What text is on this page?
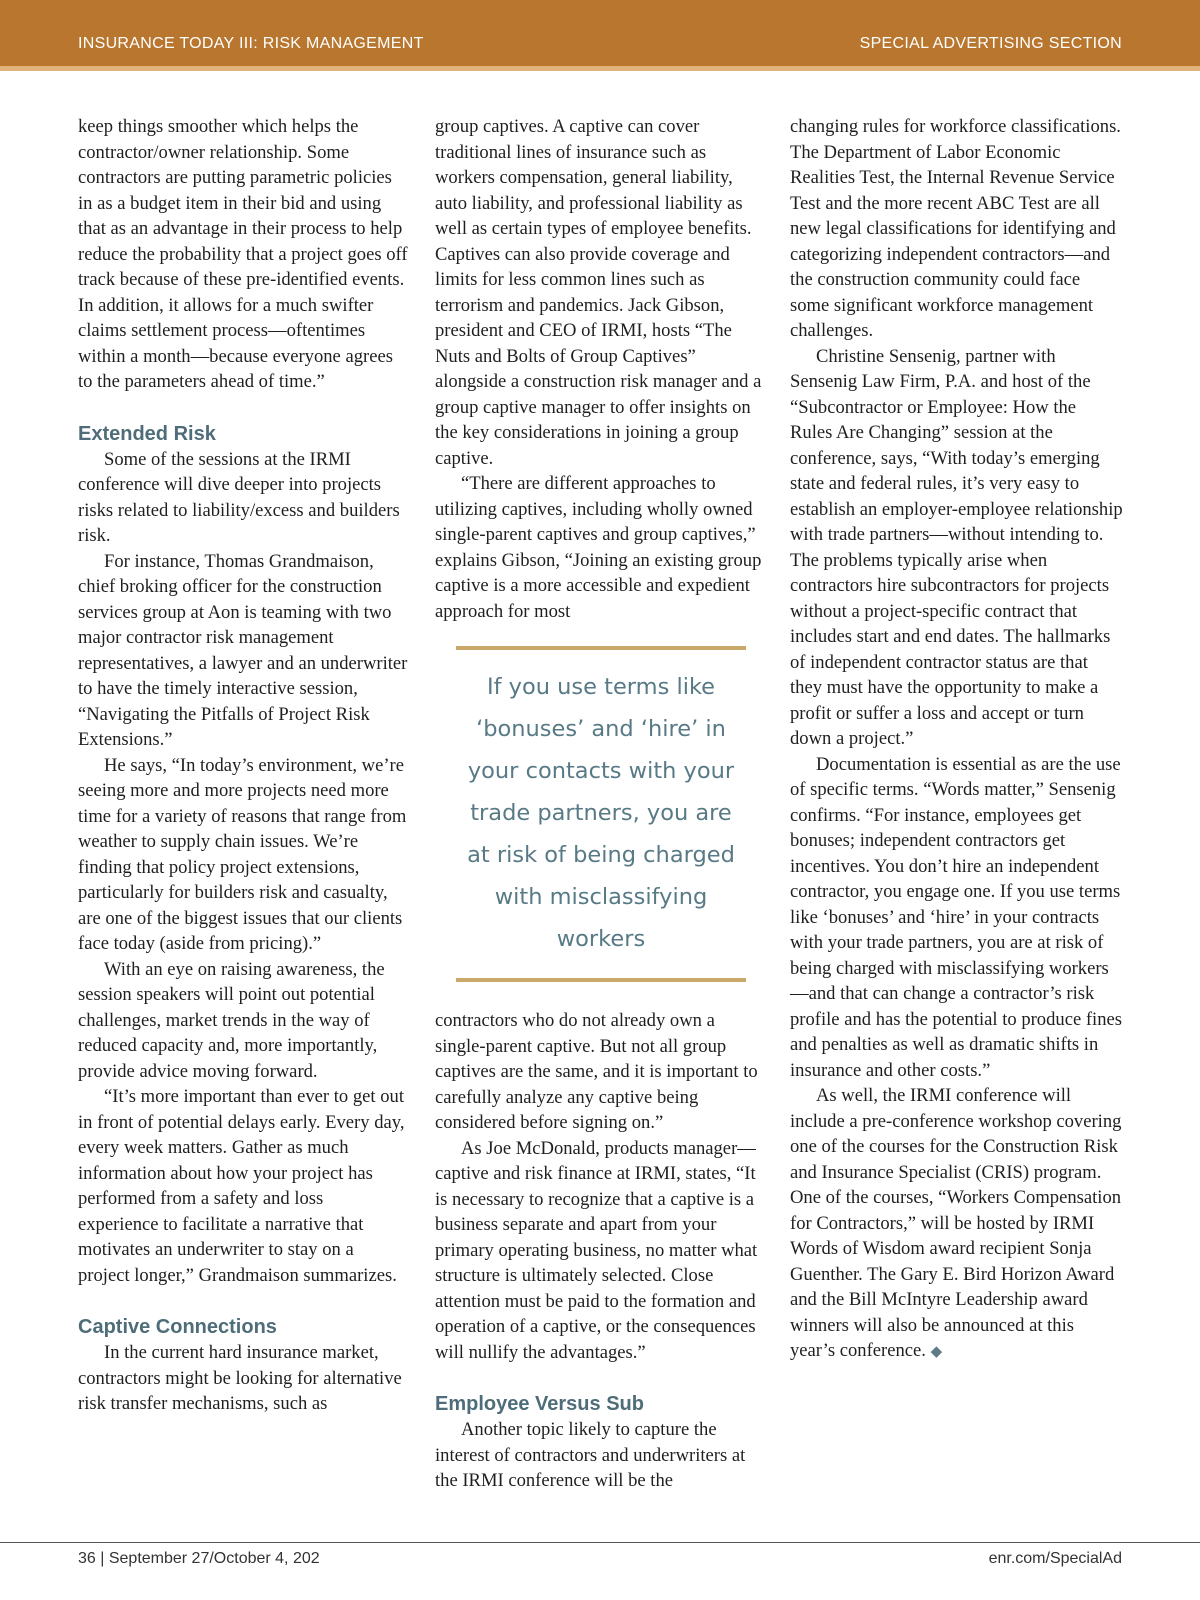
INSURANCE TODAY III: RISK MANAGEMENT	SPECIAL ADVERTISING SECTION

keep things smoother which helps the contractor/owner relationship. Some contractors are putting parametric policies in as a budget item in their bid and using that as an advantage in their process to help reduce the probability that a project goes off track because of these pre-identified events. In addition, it allows for a much swifter claims settlement process—oftentimes within a month—because everyone agrees to the parameters ahead of time.”

Extended Risk

Some of the sessions at the IRMI conference will dive deeper into projects risks related to liability/excess and builders risk.

For instance, Thomas Grandmaison, chief broking officer for the construction services group at Aon is teaming with two major contractor risk management representatives, a lawyer and an underwriter to have the timely interactive session, “Navigating the Pitfalls of Project Risk Extensions.”

He says, “In today’s environment, we’re seeing more and more projects need more time for a variety of reasons that range from weather to supply chain issues. We’re finding that policy project extensions, particularly for builders risk and casualty, are one of the biggest issues that our clients face today (aside from pricing).”

With an eye on raising awareness, the session speakers will point out potential challenges, market trends in the way of reduced capacity and, more importantly, provide advice moving forward.

“It’s more important than ever to get out in front of potential delays early. Every day, every week matters. Gather as much information about how your project has performed from a safety and loss experience to facilitate a narrative that motivates an underwriter to stay on a project longer,” Grandmaison summarizes.

Captive Connections

In the current hard insurance market, contractors might be looking for alternative risk transfer mechanisms, such as

group captives. A captive can cover traditional lines of insurance such as workers compensation, general liability, auto liability, and professional liability as well as certain types of employee benefits. Captives can also provide coverage and limits for less common lines such as terrorism and pandemics. Jack Gibson, president and CEO of IRMI, hosts “The Nuts and Bolts of Group Captives” alongside a construction risk manager and a group captive manager to offer insights on the key considerations in joining a group captive.

“There are different approaches to utilizing captives, including wholly owned single-parent captives and group captives,” explains Gibson, “Joining an existing group captive is a more accessible and expedient approach for most

If you use terms like ‘bonuses’ and ‘hire’ in your contacts with your trade partners, you are at risk of being charged with misclassifying workers

contractors who do not already own a single-parent captive. But not all group captives are the same, and it is important to carefully analyze any captive being considered before signing on.”

As Joe McDonald, products manager—captive and risk finance at IRMI, states, “It is necessary to recognize that a captive is a business separate and apart from your primary operating business, no matter what structure is ultimately selected. Close attention must be paid to the formation and operation of a captive, or the consequences will nullify the advantages.”

Employee Versus Sub

Another topic likely to capture the interest of contractors and underwriters at the IRMI conference will be the

changing rules for workforce classifications. The Department of Labor Economic Realities Test, the Internal Revenue Service Test and the more recent ABC Test are all new legal classifications for identifying and categorizing independent contractors—and the construction community could face some significant workforce management challenges.

Christine Sensenig, partner with Sensenig Law Firm, P.A. and host of the “Subcontractor or Employee: How the Rules Are Changing” session at the conference, says, “With today’s emerging state and federal rules, it’s very easy to establish an employer-employee relationship with trade partners—without intending to. The problems typically arise when contractors hire subcontractors for projects without a project-specific contract that includes start and end dates. The hallmarks of independent contractor status are that they must have the opportunity to make a profit or suffer a loss and accept or turn down a project.”

Documentation is essential as are the use of specific terms. “Words matter,” Sensenig confirms. “For instance, employees get bonuses; independent contractors get incentives. You don’t hire an independent contractor, you engage one. If you use terms like ‘bonuses’ and ‘hire’ in your contracts with your trade partners, you are at risk of being charged with misclassifying workers—and that can change a contractor’s risk profile and has the potential to produce fines and penalties as well as dramatic shifts in insurance and other costs.”

As well, the IRMI conference will include a pre-conference workshop covering one of the courses for the Construction Risk and Insurance Specialist (CRIS) program. One of the courses, “Workers Compensation for Contractors,” will be hosted by IRMI Words of Wisdom award recipient Sonja Guenther. The Gary E. Bird Horizon Award and the Bill McIntyre Leadership award winners will also be announced at this year’s conference. ◆

36 | September 27/October 4, 202	enr.com/SpecialAd
